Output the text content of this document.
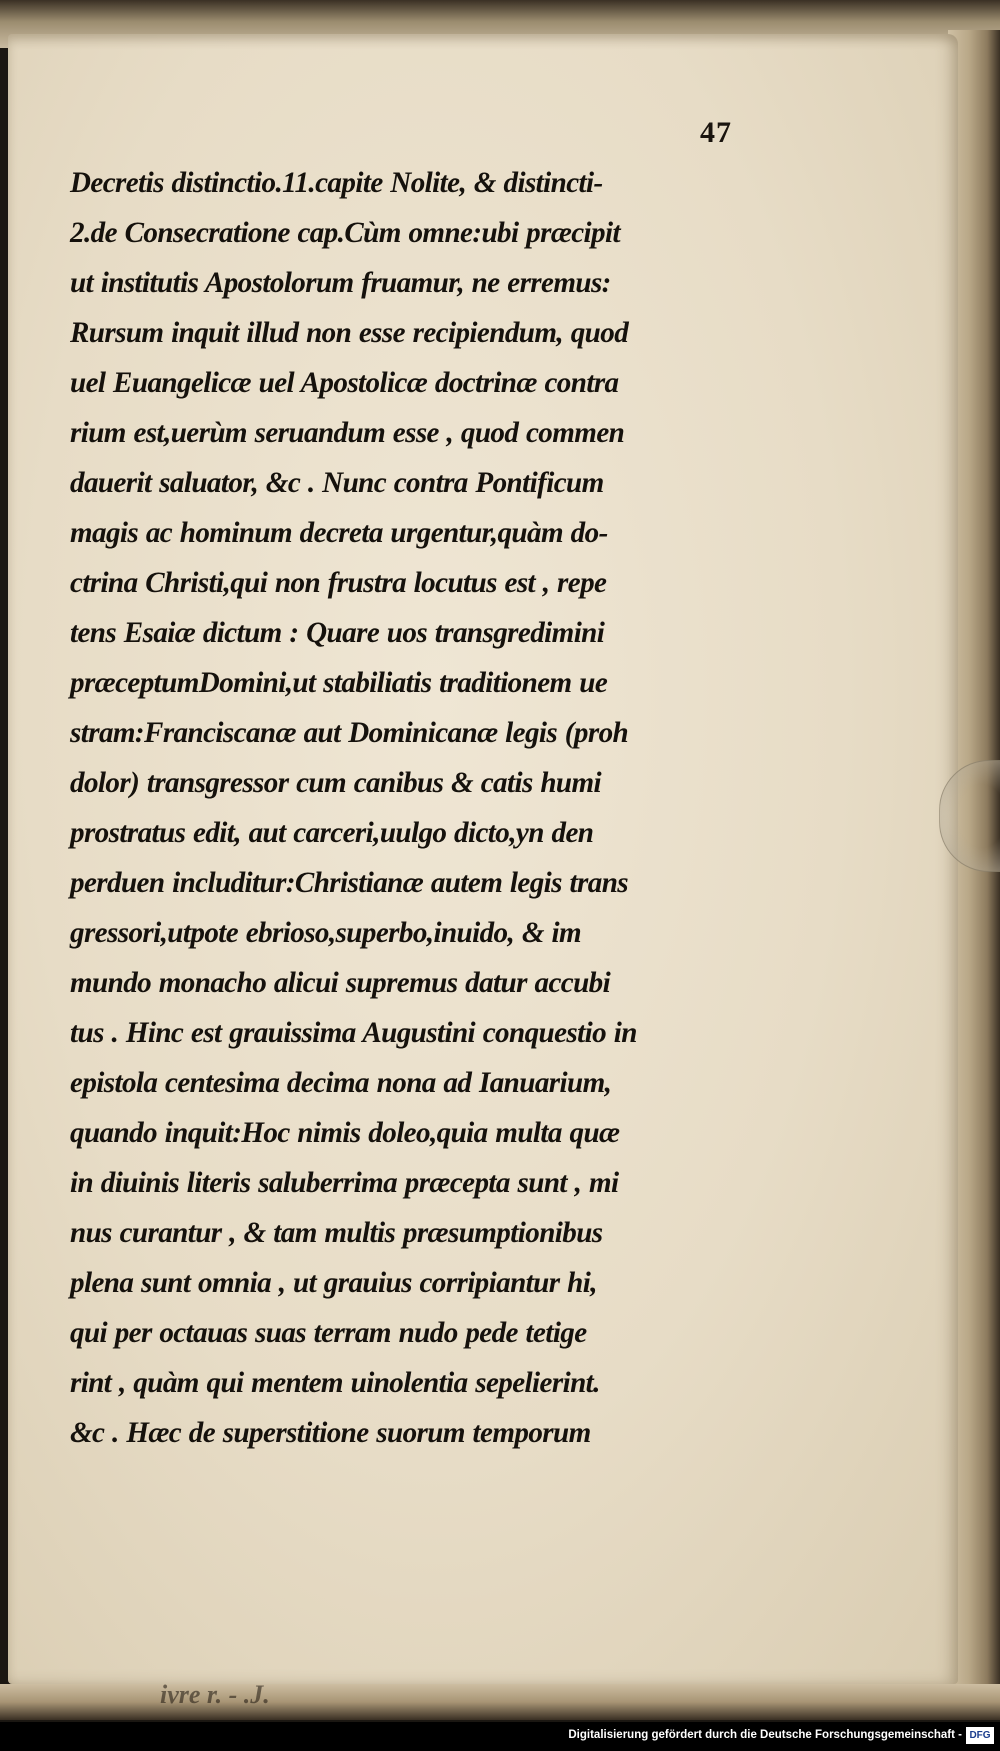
47
Decretis distinctio.11.capite Nolite, & distincti-
2.de Consecratione cap.Cùm omne:ubi præcipit
ut institutis Apostolorum fruamur, ne erremus:
Rursum inquit illud non esse recipiendum, quod
uel Euangelicæ uel Apostolicæ doctrinæ contra
rium est,uerùm seruandum esse , quod commen
dauerit saluator, &c . Nunc contra Pontificum
magis ac hominum decreta urgentur,quàm do-
ctrina Christi,qui non frustra locutus est , repe
tens Esaiæ dictum : Quare uos transgredimini
præceptumDomini,ut stabiliatis traditionem ue
stram:Franciscanæ aut Dominicanæ legis (proh
dolor) transgressor cum canibus & catis humi
prostratus edit, aut carceri,uulgo dicto,yn den
perduen includitur:Christianæ autem legis trans
gressori,utpote ebrioso,superbo,inuido, & im
mundo monacho alicui supremus datur accubi
tus . Hinc est grauissima Augustini conquestio in
epistola centesima decima nona ad Ianuarium,
quando inquit:Hoc nimis doleo,quia multa quæ
in diuinis literis saluberrima præcepta sunt , mi
nus curantur , & tam multis præsumptionibus
plena sunt omnia , ut grauius corripiantur hi,
qui per octauas suas terram nudo pede tetige
rint , quàm qui mentem uinolentia sepelierint.
&c . Hæc de superstitione suorum temporum
ivre r. - .J.
Digitalisierung gefördert durch die Deutsche Forschungsgemeinschaft - DFG
